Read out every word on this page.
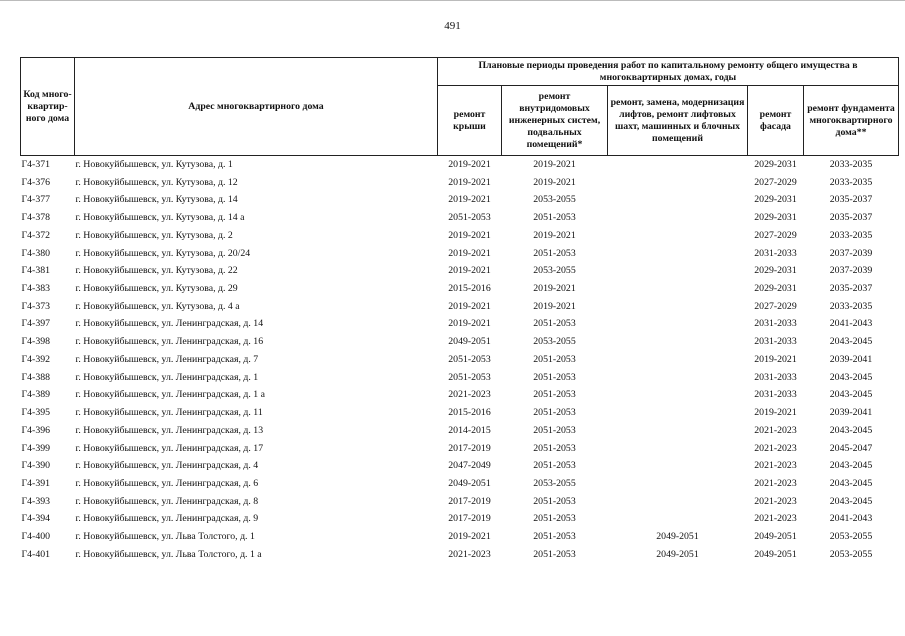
491
Код много-квартир-ного дома	Адрес многоквартирного дома	Плановые периоды проведения работ по капитальному ремонту общего имущества в многоквартирных домах, годы				
		ремонт крыши	ремонт внутридомовых инженерных систем, подвальных помещений*	ремонт, замена, модернизация лифтов, ремонт лифтовых шахт, машинных и блочных помещений	ремонт фасада	ремонт фундамента многоквартирного дома**
Г4-371	г. Новокуйбышевск, ул. Кутузова, д. 1	2019-2021	2019-2021		2029-2031	2033-2035
Г4-376	г. Новокуйбышевск, ул. Кутузова, д. 12	2019-2021	2019-2021		2027-2029	2033-2035
Г4-377	г. Новокуйбышевск, ул. Кутузова, д. 14	2019-2021	2053-2055		2029-2031	2035-2037
Г4-378	г. Новокуйбышевск, ул. Кутузова, д. 14 а	2051-2053	2051-2053		2029-2031	2035-2037
Г4-372	г. Новокуйбышевск, ул. Кутузова, д. 2	2019-2021	2019-2021		2027-2029	2033-2035
Г4-380	г. Новокуйбышевск, ул. Кутузова, д. 20/24	2019-2021	2051-2053		2031-2033	2037-2039
Г4-381	г. Новокуйбышевск, ул. Кутузова, д. 22	2019-2021	2053-2055		2029-2031	2037-2039
Г4-383	г. Новокуйбышевск, ул. Кутузова, д. 29	2015-2016	2019-2021		2029-2031	2035-2037
Г4-373	г. Новокуйбышевск, ул. Кутузова, д. 4 а	2019-2021	2019-2021		2027-2029	2033-2035
Г4-397	г. Новокуйбышевск, ул. Ленинградская, д. 14	2019-2021	2051-2053		2031-2033	2041-2043
Г4-398	г. Новокуйбышевск, ул. Ленинградская, д. 16	2049-2051	2053-2055		2031-2033	2043-2045
Г4-392	г. Новокуйбышевск, ул. Ленинградская, д. 7	2051-2053	2051-2053		2019-2021	2039-2041
Г4-388	г. Новокуйбышевск, ул. Ленинградская, д. 1	2051-2053	2051-2053		2031-2033	2043-2045
Г4-389	г. Новокуйбышевск, ул. Ленинградская, д. 1 а	2021-2023	2051-2053		2031-2033	2043-2045
Г4-395	г. Новокуйбышевск, ул. Ленинградская, д. 11	2015-2016	2051-2053		2019-2021	2039-2041
Г4-396	г. Новокуйбышевск, ул. Ленинградская, д. 13	2014-2015	2051-2053		2021-2023	2043-2045
Г4-399	г. Новокуйбышевск, ул. Ленинградская, д. 17	2017-2019	2051-2053		2021-2023	2045-2047
Г4-390	г. Новокуйбышевск, ул. Ленинградская, д. 4	2047-2049	2051-2053		2021-2023	2043-2045
Г4-391	г. Новокуйбышевск, ул. Ленинградская, д. 6	2049-2051	2053-2055		2021-2023	2043-2045
Г4-393	г. Новокуйбышевск, ул. Ленинградская, д. 8	2017-2019	2051-2053		2021-2023	2043-2045
Г4-394	г. Новокуйбышевск, ул. Ленинградская, д. 9	2017-2019	2051-2053		2021-2023	2041-2043
Г4-400	г. Новокуйбышевск, ул. Льва Толстого, д. 1	2019-2021	2051-2053	2049-2051	2049-2051	2053-2055
Г4-401	г. Новокуйбышевск, ул. Льва Толстого, д. 1 а	2021-2023	2051-2053	2049-2051	2049-2051	2053-2055
